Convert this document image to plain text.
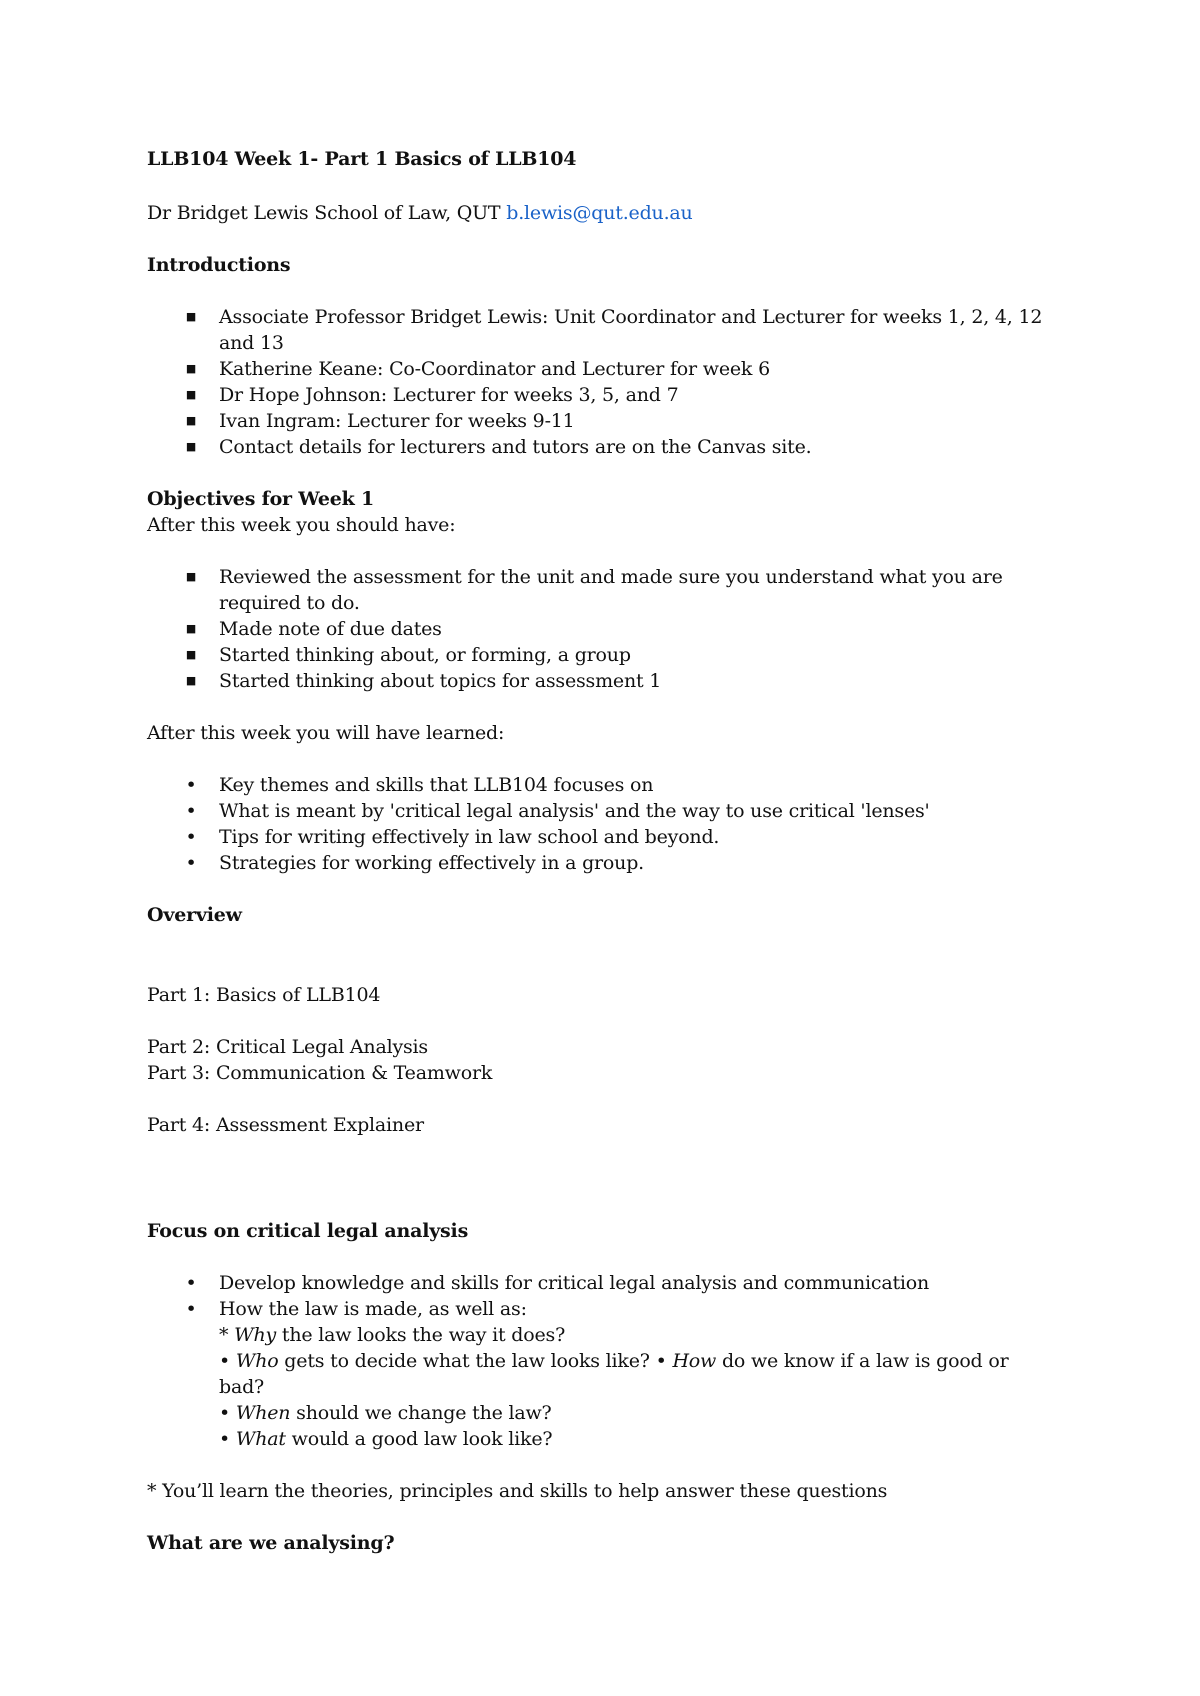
LLB104 Week 1- Part 1 Basics of LLB104

Dr Bridget Lewis School of Law, QUT b.lewis@qut.edu.au

Introductions

■ Associate Professor Bridget Lewis: Unit Coordinator and Lecturer for weeks 1, 2, 4, 12 and 13
■ Katherine Keane: Co-Coordinator and Lecturer for week 6
■ Dr Hope Johnson: Lecturer for weeks 3, 5, and 7
■ Ivan Ingram: Lecturer for weeks 9-11
■ Contact details for lecturers and tutors are on the Canvas site.

Objectives for Week 1

After this week you should have:

■ Reviewed the assessment for the unit and made sure you understand what you are required to do.
■ Made note of due dates
■ Started thinking about, or forming, a group
■ Started thinking about topics for assessment 1

After this week you will have learned:

• Key themes and skills that LLB104 focuses on
• What is meant by 'critical legal analysis' and the way to use critical 'lenses'
• Tips for writing effectively in law school and beyond.
• Strategies for working effectively in a group.

Overview

Part 1: Basics of LLB104

Part 2: Critical Legal Analysis

Part 3: Communication & Teamwork

Part 4: Assessment Explainer

Focus on critical legal analysis

• Develop knowledge and skills for critical legal analysis and communication
• How the law is made, as well as:
* Why the law looks the way it does?
• Who gets to decide what the law looks like? • How do we know if a law is good or bad?
• When should we change the law?
• What would a good law look like?

* You’ll learn the theories, principles and skills to help answer these questions

What are we analysing?
